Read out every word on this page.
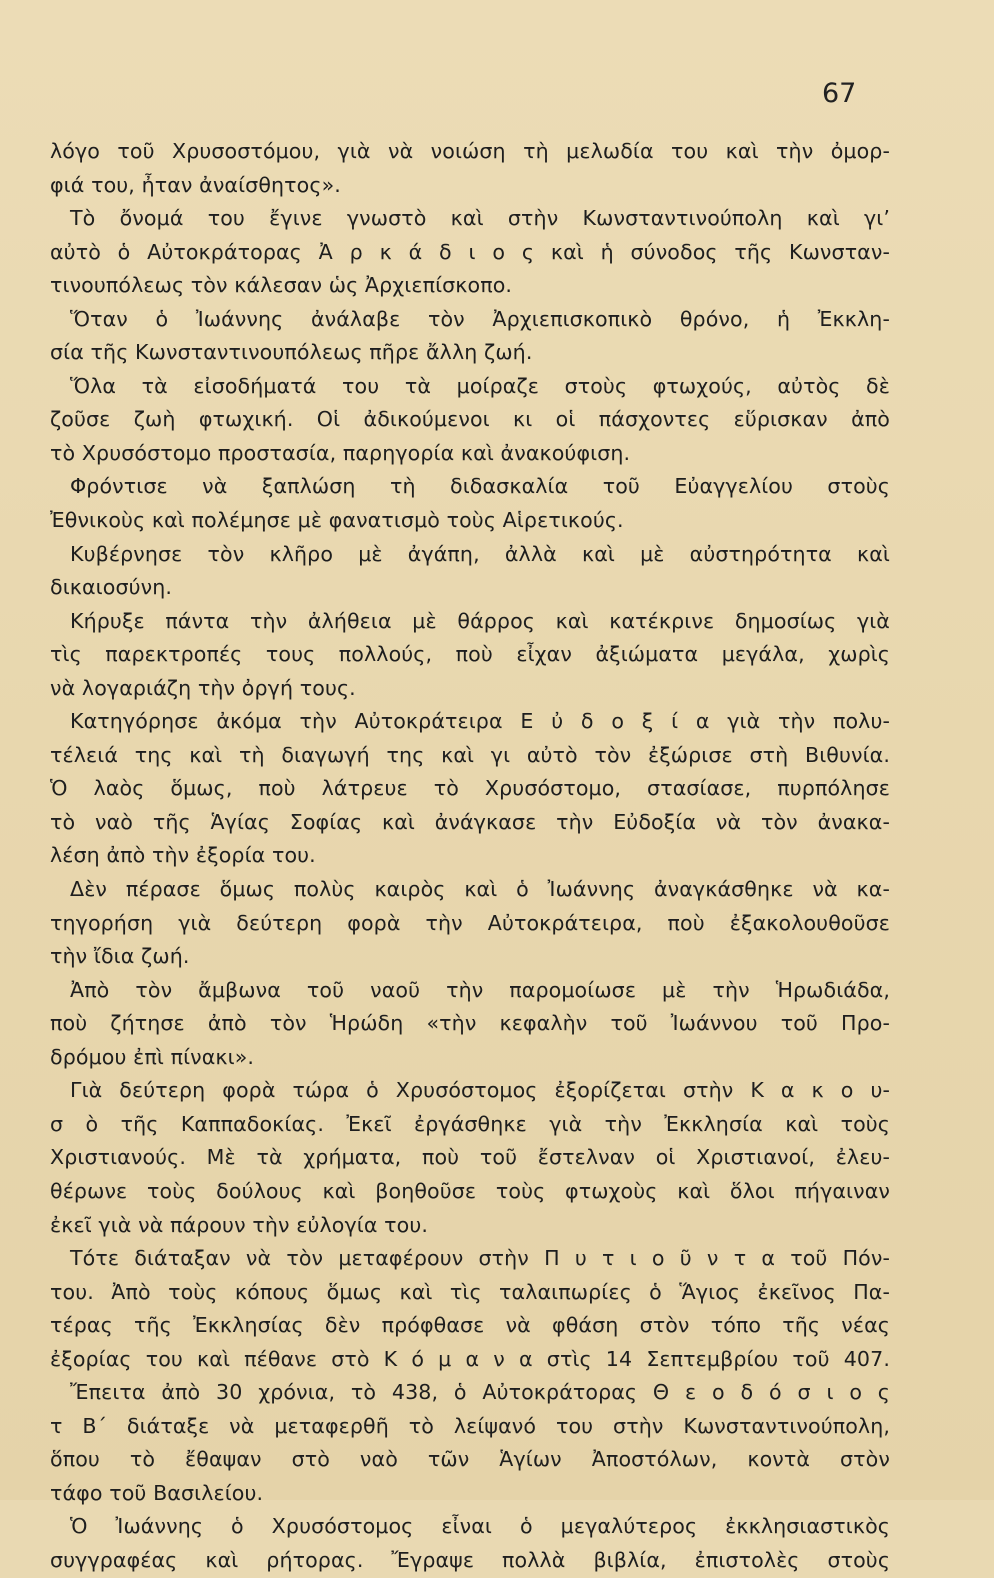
67
λόγο τοῦ Χρυσοστόμου, γιὰ νὰ νοιώση τὴ μελωδία του καὶ τὴν ὀμορ-
φιά του, ἦταν ἀναίσθητος».
Τὸ ὄνομά του ἔγινε γνωστὸ καὶ στὴν Κωνσταντινούπολη καὶ γι’
αὐτὸ ὁ Αὐτοκράτορας Ἀ ρ κ ά δ ι ο ς καὶ ἡ σύνοδος τῆς Κωνσταν-
τινουπόλεως τὸν κάλεσαν ὡς Ἀρχιεπίσκοπο.
Ὅταν ὁ Ἰωάννης ἀνάλαβε τὸν Ἀρχιεπισκοπικὸ θρόνο, ἡ Ἐκκλη-
σία τῆς Κωνσταντινουπόλεως πῆρε ἄλλη ζωή.
Ὅλα τὰ εἰσοδήματά του τὰ μοίραζε στοὺς φτωχούς, αὐτὸς δὲ
ζοῦσε ζωὴ φτωχική. Οἱ ἀδικούμενοι κι οἱ πάσχοντες εὕρισκαν ἀπὸ
τὸ Χρυσόστομο προστασία, παρηγορία καὶ ἀνακούφιση.
Φρόντισε νὰ ξαπλώση τὴ διδασκαλία τοῦ Εὐαγγελίου στοὺς
Ἐθνικοὺς καὶ πολέμησε μὲ φανατισμὸ τοὺς Αἱρετικούς.
Κυβέρνησε τὸν κλῆρο μὲ ἀγάπη, ἀλλὰ καὶ μὲ αὐστηρότητα καὶ
δικαιοσύνη.
Κήρυξε πάντα τὴν ἀλήθεια μὲ θάρρος καὶ κατέκρινε δημοσίως γιὰ
τὶς παρεκτροπές τους πολλούς, ποὺ εἶχαν ἀξιώματα μεγάλα, χωρὶς
νὰ λογαριάζη τὴν ὀργή τους.
Κατηγόρησε ἀκόμα τὴν Αὐτοκράτειρα Ε ὐ δ ο ξ ί α γιὰ τὴν πολυ-
τέλειά της καὶ τὴ διαγωγή της καὶ γι αὐτὸ τὸν ἐξώρισε στὴ Βιθυνία.
Ὁ λαὸς ὅμως, ποὺ λάτρευε τὸ Χρυσόστομο, στασίασε, πυρπόλησε
τὸ ναὸ τῆς Ἁγίας Σοφίας καὶ ἀνάγκασε τὴν Εὐδοξία νὰ τὸν ἀνακα-
λέση ἀπὸ τὴν ἐξορία του.
Δὲν πέρασε ὅμως πολὺς καιρὸς καὶ ὁ Ἰωάννης ἀναγκάσθηκε νὰ κα-
τηγορήση γιὰ δεύτερη φορὰ τὴν Αὐτοκράτειρα, ποὺ ἐξακολουθοῦσε
τὴν ἴδια ζωή.
Ἀπὸ τὸν ἄμβωνα τοῦ ναοῦ τὴν παρομοίωσε μὲ τὴν Ἡρωδιάδα,
ποὺ ζήτησε ἀπὸ τὸν Ἡρώδη «τὴν κεφαλὴν τοῦ Ἰωάννου τοῦ Προ-
δρόμου ἐπὶ πίνακι».
Γιὰ δεύτερη φορὰ τώρα ὁ Χρυσόστομος ἐξορίζεται στὴν Κ α κ ο υ-
σ ὸ τῆς Καππαδοκίας. Ἐκεῖ ἐργάσθηκε γιὰ τὴν Ἐκκλησία καὶ τοὺς
Χριστιανούς. Μὲ τὰ χρήματα, ποὺ τοῦ ἔστελναν οἱ Χριστιανοί, ἐλευ-
θέρωνε τοὺς δούλους καὶ βοηθοῦσε τοὺς φτωχοὺς καὶ ὅλοι πήγαιναν
ἐκεῖ γιὰ νὰ πάρουν τὴν εὐλογία του.
Τότε διάταξαν νὰ τὸν μεταφέρουν στὴν Π υ τ ι ο ῦ ν τ α τοῦ Πόν-
του. Ἀπὸ τοὺς κόπους ὅμως καὶ τὶς ταλαιπωρίες ὁ Ἅγιος ἐκεῖνος Πα-
τέρας τῆς Ἐκκλησίας δὲν πρόφθασε νὰ φθάση στὸν τόπο τῆς νέας
ἐξορίας του καὶ πέθανε στὸ Κ ό μ α ν α στὶς 14 Σεπτεμβρίου τοῦ 407.
Ἔπειτα ἀπὸ 30 χρόνια, τὸ 438, ὁ Αὐτοκράτορας Θ ε ο δ ό σ ι ο ς
τ Β΄ διάταξε νὰ μεταφερθῆ τὸ λείψανό του στὴν Κωνσταντινούπολη,
ὅπου τὸ ἔθαψαν στὸ ναὸ τῶν Ἁγίων Ἀποστόλων, κοντὰ στὸν
τάφο τοῦ Βασιλείου.
Ὁ Ἰωάννης ὁ Χρυσόστομος εἶναι ὁ μεγαλύτερος ἐκκλησιαστικὸς
συγγραφέας καὶ ρήτορας. Ἔγραψε πολλὰ βιβλία, ἐπιστολὲς στοὺς
